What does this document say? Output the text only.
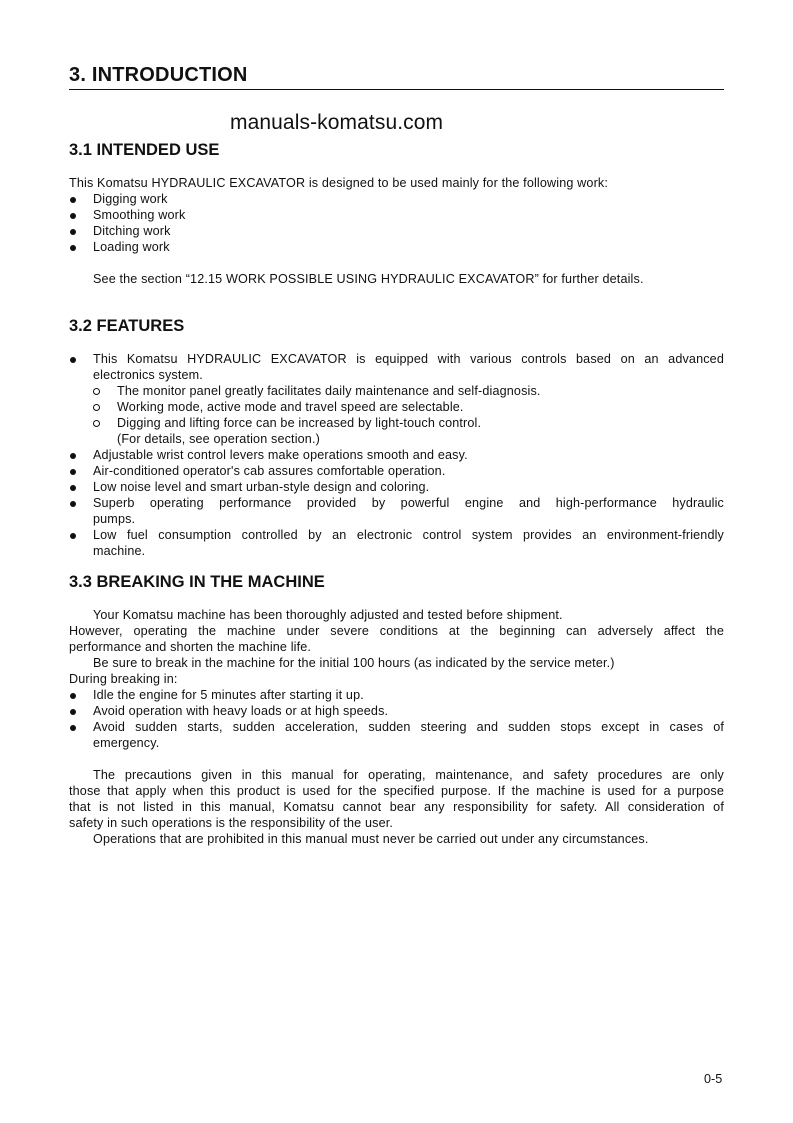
3. INTRODUCTION
manuals-komatsu.com
3.1 INTENDED USE
This Komatsu HYDRAULIC EXCAVATOR is designed to be used mainly for the following work:
Digging work
Smoothing work
Ditching work
Loading work
See the section “12.15 WORK POSSIBLE USING HYDRAULIC EXCAVATOR” for further details.
3.2 FEATURES
This Komatsu HYDRAULIC EXCAVATOR is equipped with various controls based on an advanced
electronics system.
The monitor panel greatly facilitates daily maintenance and self-diagnosis.
Working mode, active mode and travel speed are selectable.
Digging and lifting force can be increased by light-touch control.
(For details, see operation section.)
Adjustable wrist control levers make operations smooth and easy.
Air-conditioned operator's cab assures comfortable operation.
Low noise level and smart urban-style design and coloring.
Superb operating performance provided by powerful engine and high-performance hydraulic
pumps.
Low fuel consumption controlled by an electronic control system provides an environment-friendly
machine.
3.3 BREAKING IN THE MACHINE
Your Komatsu machine has been thoroughly adjusted and tested before shipment.
However, operating the machine under severe conditions at the beginning can adversely affect the
performance and shorten the machine life.
Be sure to break in the machine for the initial 100 hours (as indicated by the service meter.)
During breaking in:
Idle the engine for 5 minutes after starting it up.
Avoid operation with heavy loads or at high speeds.
Avoid sudden starts, sudden acceleration, sudden steering and sudden stops except in cases of
emergency.
The precautions given in this manual for operating, maintenance, and safety procedures are only
those that apply when this product is used for the specified purpose. If the machine is used for a purpose
that is not listed in this manual, Komatsu cannot bear any responsibility for safety. All consideration of
safety in such operations is the responsibility of the user.
Operations that are prohibited in this manual must never be carried out under any circumstances.
0-5
